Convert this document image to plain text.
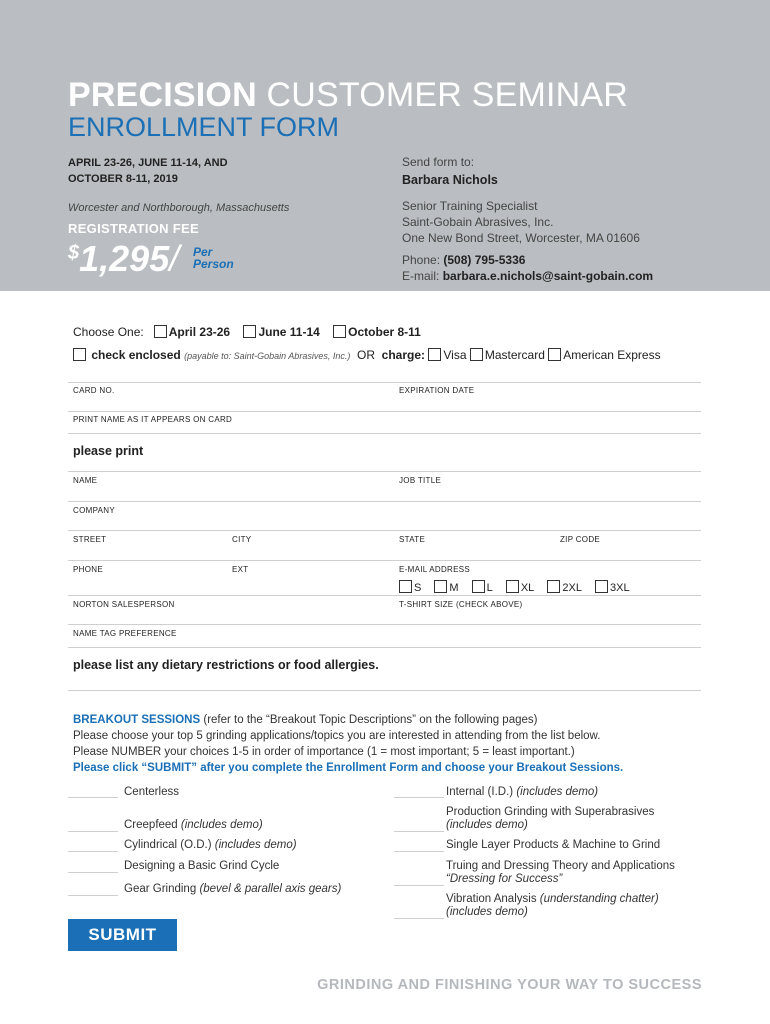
PRECISION CUSTOMER SEMINAR
ENROLLMENT FORM
APRIL 23-26, JUNE 11-14, AND
OCTOBER 8-11, 2019
Worcester and Northborough, Massachusetts
REGISTRATION FEE
$1,295/ Per
Person
Send form to:
Barbara Nichols
Senior Training Specialist
Saint-Gobain Abrasives, Inc.
One New Bond Street, Worcester, MA 01606
Phone: (508) 795-5336
E-mail: barbara.e.nichols@saint-gobain.com
Choose One: April 23-26 June 11-14 October 8-11
check enclosed (payable to: Saint-Gobain Abrasives, Inc.) OR charge: Visa Mastercard American Express
CARD NO.	EXPIRATION DATE
PRINT NAME AS IT APPEARS ON CARD
please print
NAME	JOB TITLE
COMPANY
STREET	CITY	STATE	ZIP CODE
PHONE	EXT	E-MAIL ADDRESS
S	M	L	XL	2XL	3XL
NORTON SALESPERSON	T-SHIRT SIZE (CHECK ABOVE)
NAME TAG PREFERENCE
please list any dietary restrictions or food allergies.
BREAKOUT SESSIONS (refer to the “Breakout Topic Descriptions” on the following pages)
Please choose your top 5 grinding applications/topics you are interested in attending from the list below.
Please NUMBER your choices 1-5 in order of importance (1 = most important; 5 = least important.)
Please click “SUBMIT” after you complete the Enrollment Form and choose your Breakout Sessions.
Centerless
Creepfeed (includes demo)
Cylindrical (O.D.) (includes demo)
Designing a Basic Grind Cycle
Gear Grinding (bevel & parallel axis gears)
Internal (I.D.) (includes demo)
Production Grinding with Superabrasives
(includes demo)
Single Layer Products & Machine to Grind
Truing and Dressing Theory and Applications
“Dressing for Success”
Vibration Analysis (understanding chatter)
(includes demo)
SUBMIT
GRINDING AND FINISHING YOUR WAY TO SUCCESS
